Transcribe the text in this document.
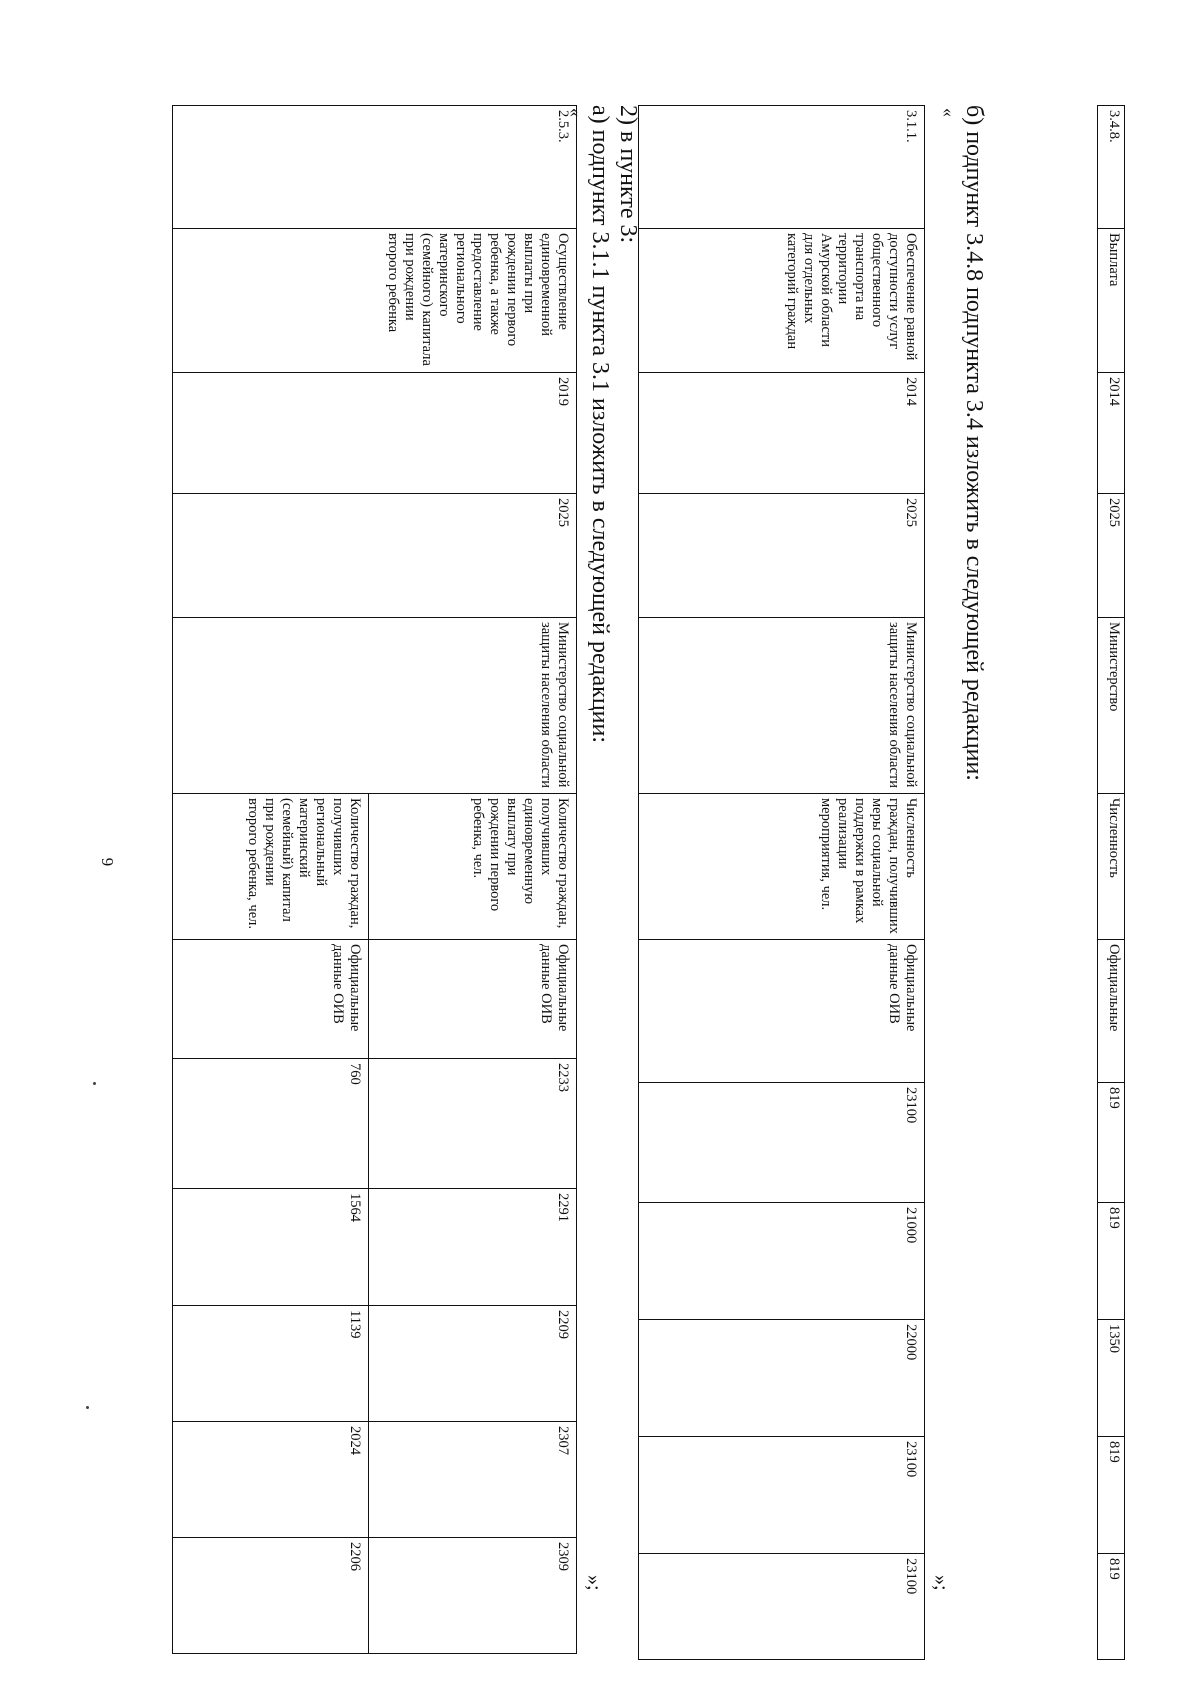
6
2.5.3.	Осуществление единовременной выплаты при рождении первого ребенка, а также предоставление регионального материнского (семейного) капитала при рождении второго ребенка	2019	2025	Министерство социальной защиты населения области	Количество граждан, получивших единовременную выплату при рождении первого ребенка, чел.	Официальные данные ОИВ	2233	2291	2209	2307	2309
					Количество граждан, получивших региональный материнский (семейный) капитал при рождении второго ребенка, чел.	Официальные данные ОИВ	760	1564	1139	2024	2206
»;
2) в пункте 3:
а) подпункт 3.1.1 пункта 3.1 изложить в следующей редакции:
«	3.1.1.	Обеспечение равной доступности услуг общественного транспорта на территории Амурской области для отдельных категорий граждан	2014	2025	Министерство социальной защиты населения области	Численность граждан, получивших меры социальной поддержки в рамках реализации мероприятия, чел.	Официальные данные ОИВ	23100	21000	22000	23100	23100 »;
б) подпункт 3.4.8 подпункта 3.4 изложить в следующей редакции:
«	3.4.8.	Выплата	2014	2025	Министерство	Численность	Официальные	819	819	1350	819	819
